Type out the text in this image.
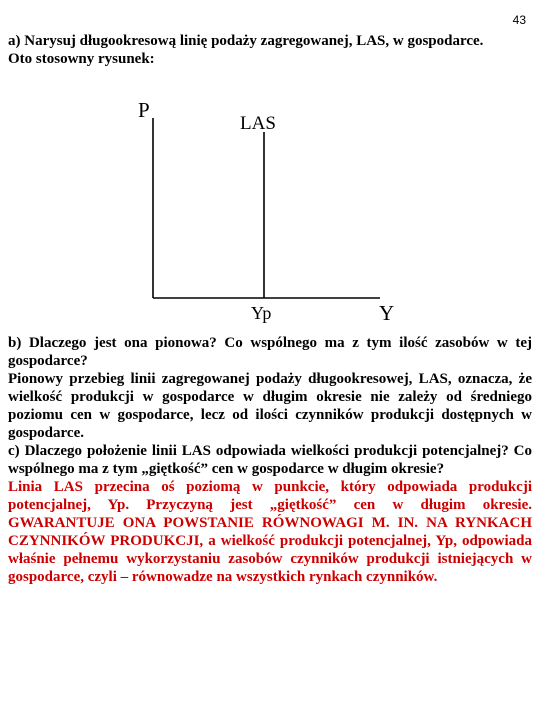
43

a) Narysuj długookresową linię podaży zagregowanej, LAS, w gospodarce.

Oto stosowny rysunek:

P
LAS
Yp	Y

b) Dlaczego jest ona pionowa? Co wspólnego ma z tym ilość zasobów w tej gospodarce?

Pionowy przebieg linii zagregowanej podaży długookresowej, LAS, oznacza, że wielkość produkcji w gospodarce w długim okresie nie zależy od średniego poziomu cen w gospodarce, lecz od ilości czynników produkcji dostępnych w gospodarce.

c) Dlaczego położenie linii LAS odpowiada wielkości produkcji potencjalnej? Co wspólnego ma z tym „giętkość” cen w gospodarce w długim okresie?

Linia LAS przecina oś poziomą w punkcie, który odpowiada produkcji potencjalnej, Yp. Przyczyną jest „giętkość” cen w długim okresie. GWARANTUJE ONA POWSTANIE RÓWNOWAGI M. IN. NA RYNKACH CZYNNIKÓW PRODUKCJI, a wielkość produkcji potencjalnej, Yp, odpowiada właśnie pełnemu wykorzystaniu zasobów czynników produkcji istniejących w gospodarce, czyli – równowadze na wszystkich rynkach czynników.
